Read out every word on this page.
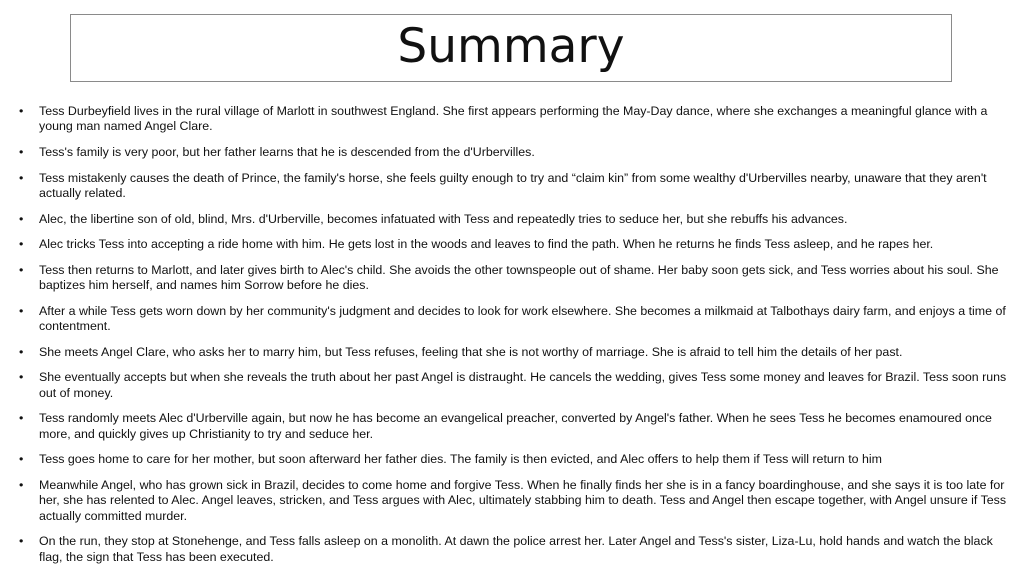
Summary
• Tess Durbeyfield lives in the rural village of Marlott in southwest England. She first appears performing the May-Day dance, where she exchanges a meaningful glance with a young man named Angel Clare.
• Tess's family is very poor, but her father learns that he is descended from the d'Urbervilles.
• Tess mistakenly causes the death of Prince, the family's horse, she feels guilty enough to try and “claim kin” from some wealthy d'Urbervilles nearby, unaware that they aren't actually related.
• Alec, the libertine son of old, blind, Mrs. d'Urberville, becomes infatuated with Tess and repeatedly tries to seduce her, but she rebuffs his advances.
• Alec tricks Tess into accepting a ride home with him. He gets lost in the woods and leaves to find the path. When he returns he finds Tess asleep, and he rapes her.
• Tess then returns to Marlott, and later gives birth to Alec's child. She avoids the other townspeople out of shame. Her baby soon gets sick, and Tess worries about his soul. She baptizes him herself, and names him Sorrow before he dies.
• After a while Tess gets worn down by her community's judgment and decides to look for work elsewhere. She becomes a milkmaid at Talbothays dairy farm, and enjoys a time of contentment.
• She meets Angel Clare, who asks her to marry him, but Tess refuses, feeling that she is not worthy of marriage. She is afraid to tell him the details of her past.
• She eventually accepts but when she reveals the truth about her past Angel is distraught. He cancels the wedding, gives Tess some money and leaves for Brazil. Tess soon runs out of money.
• Tess randomly meets Alec d'Urberville again, but now he has become an evangelical preacher, converted by Angel's father. When he sees Tess he becomes enamoured once more, and quickly gives up Christianity to try and seduce her.
• Tess goes home to care for her mother, but soon afterward her father dies. The family is then evicted, and Alec offers to help them if Tess will return to him
• Meanwhile Angel, who has grown sick in Brazil, decides to come home and forgive Tess. When he finally finds her she is in a fancy boardinghouse, and she says it is too late for her, she has relented to Alec. Angel leaves, stricken, and Tess argues with Alec, ultimately stabbing him to death. Tess and Angel then escape together, with Angel unsure if Tess actually committed murder.
• On the run, they stop at Stonehenge, and Tess falls asleep on a monolith. At dawn the police arrest her. Later Angel and Tess's sister, Liza-Lu, hold hands and watch the black flag, the sign that Tess has been executed.
